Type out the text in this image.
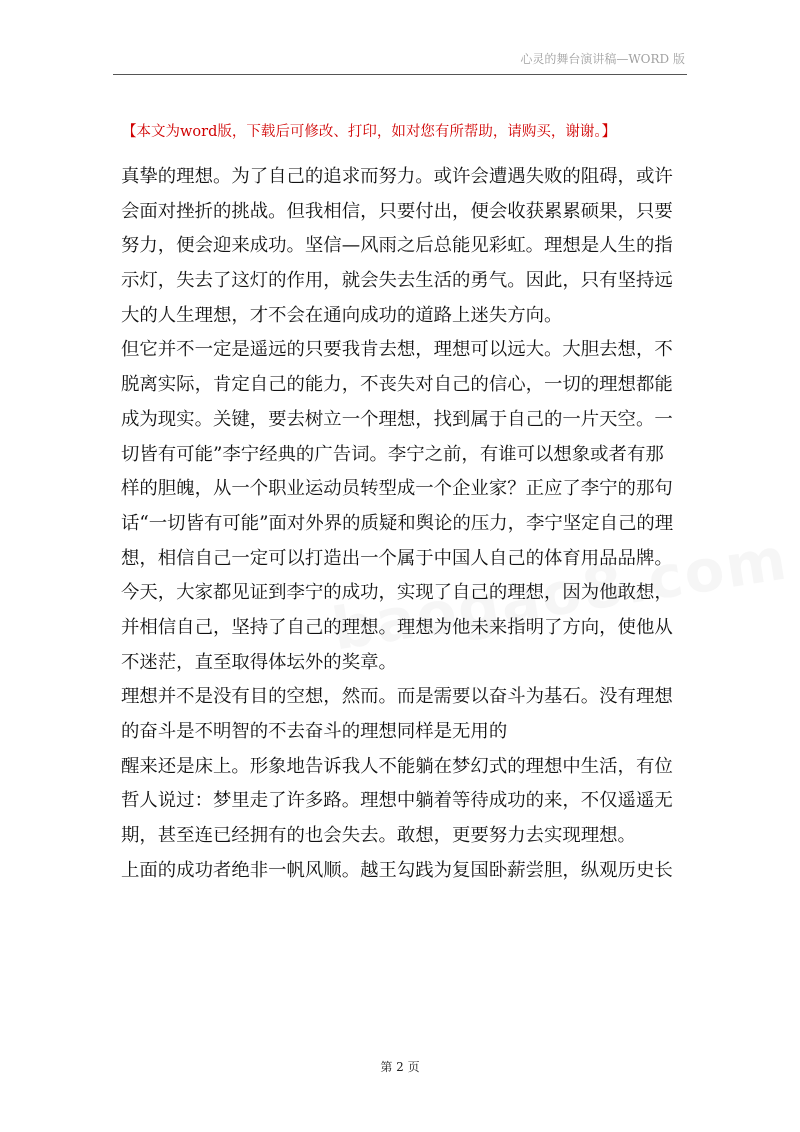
心灵的舞台演讲稿—WORD 版
【本文为word版，下载后可修改、打印，如对您有所帮助，请购买，谢谢。】
真挚的理想。为了自己的追求而努力。或许会遭遇失败的阻碍，或许
会面对挫折的挑战。但我相信，只要付出，便会收获累累硕果，只要
努力，便会迎来成功。坚信—风雨之后总能见彩虹。理想是人生的指
示灯，失去了这灯的作用，就会失去生活的勇气。因此，只有坚持远
大的人生理想，才不会在通向成功的道路上迷失方向。
但它并不一定是遥远的只要我肯去想，理想可以远大。大胆去想，不
脱离实际，肯定自己的能力，不丧失对自己的信心，一切的理想都能
成为现实。关键，要去树立一个理想，找到属于自己的一片天空。一
切皆有可能”李宁经典的广告词。李宁之前，有谁可以想象或者有那
样的胆魄，从一个职业运动员转型成一个企业家？正应了李宁的那句
话“一切皆有可能”面对外界的质疑和舆论的压力，李宁坚定自己的理
想，相信自己一定可以打造出一个属于中国人自己的体育用品品牌。
今天，大家都见证到李宁的成功，实现了自己的理想，因为他敢想，
并相信自己，坚持了自己的理想。理想为他未来指明了方向，使他从
不迷茫，直至取得体坛外的奖章。
理想并不是没有目的空想，然而。而是需要以奋斗为基石。没有理想
的奋斗是不明智的不去奋斗的理想同样是无用的
醒来还是床上。形象地告诉我人不能躺在梦幻式的理想中生活，有位
哲人说过：梦里走了许多路。理想中躺着等待成功的来，不仅遥遥无
期，甚至连已经拥有的也会失去。敢想，更要努力去实现理想。
上面的成功者绝非一帆风顺。越王勾践为复国卧薪尝胆，纵观历史长
第 2 页
